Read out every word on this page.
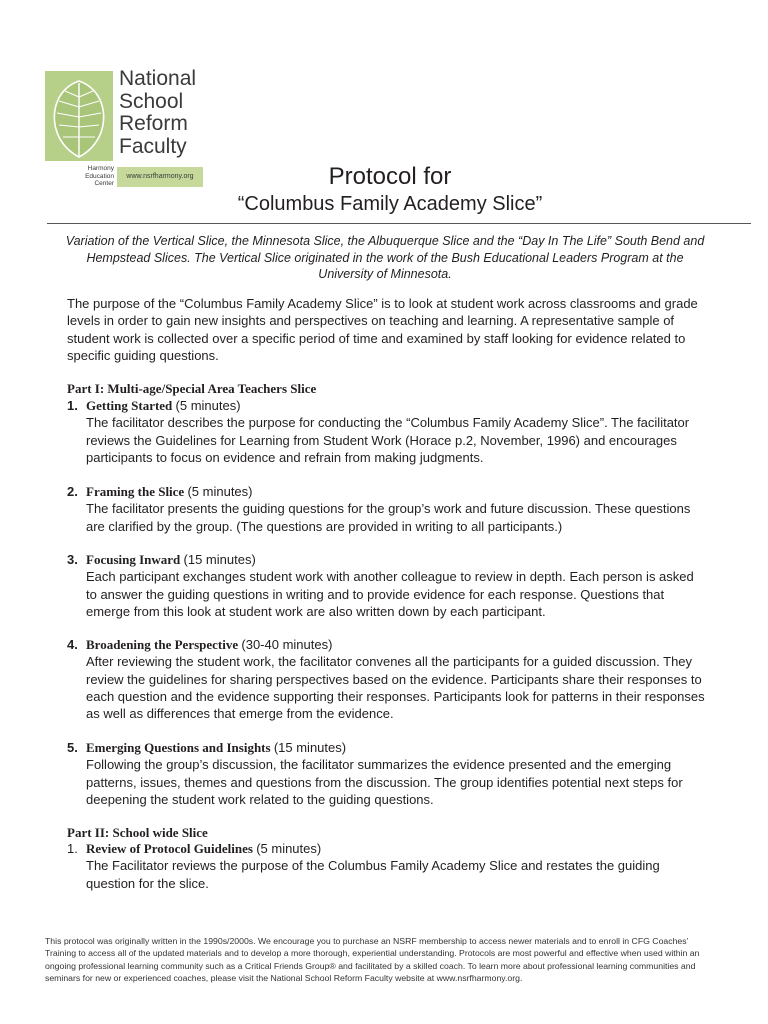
National
School
Reform
Faculty
Harmony
Education
Center
www.nsrfharmony.org	Protocol for
“Columbus Family Academy Slice”
Variation of the Vertical Slice, the Minnesota Slice, the Albuquerque Slice and the “Day In The Life” South Bend and Hempstead Slices. The Vertical Slice originated in the work of the Bush Educational Leaders Program at the University of Minnesota.
The purpose of the “Columbus Family Academy Slice” is to look at student work across classrooms and grade levels in order to gain new insights and perspectives on teaching and learning. A representative sample of student work is collected over a specific period of time and examined by staff looking for evidence related to specific guiding questions.
Part I: Multi-age/Special Area Teachers Slice
1. Getting Started (5 minutes)
The facilitator describes the purpose for conducting the “Columbus Family Academy Slice”. The facilitator reviews the Guidelines for Learning from Student Work (Horace p.2, November, 1996) and encourages participants to focus on evidence and refrain from making judgments.
2. Framing the Slice (5 minutes)
The facilitator presents the guiding questions for the group’s work and future discussion. These questions are clarified by the group. (The questions are provided in writing to all participants.)
3. Focusing Inward (15 minutes)
Each participant exchanges student work with another colleague to review in depth. Each person is asked to answer the guiding questions in writing and to provide evidence for each response. Questions that emerge from this look at student work are also written down by each participant.
4. Broadening the Perspective (30-40 minutes)
After reviewing the student work, the facilitator convenes all the participants for a guided discussion. They review the guidelines for sharing perspectives based on the evidence. Participants share their responses to each question and the evidence supporting their responses. Participants look for patterns in their responses as well as differences that emerge from the evidence.
5. Emerging Questions and Insights (15 minutes)
Following the group’s discussion, the facilitator summarizes the evidence presented and the emerging patterns, issues, themes and questions from the discussion. The group identifies potential next steps for deepening the student work related to the guiding questions.
Part II: School wide Slice
1. Review of Protocol Guidelines (5 minutes)
The Facilitator reviews the purpose of the Columbus Family Academy Slice and restates the guiding question for the slice.
This protocol was originally written in the 1990s/2000s. We encourage you to purchase an NSRF membership to access newer materials and to enroll in CFG Coaches’ Training to access all of the updated materials and to develop a more thorough, experiential understanding. Protocols are most powerful and effective when used within an ongoing professional learning community such as a Critical Friends Group® and facilitated by a skilled coach. To learn more about professional learning communities and seminars for new or experienced coaches, please visit the National School Reform Faculty website at www.nsrfharmony.org.
